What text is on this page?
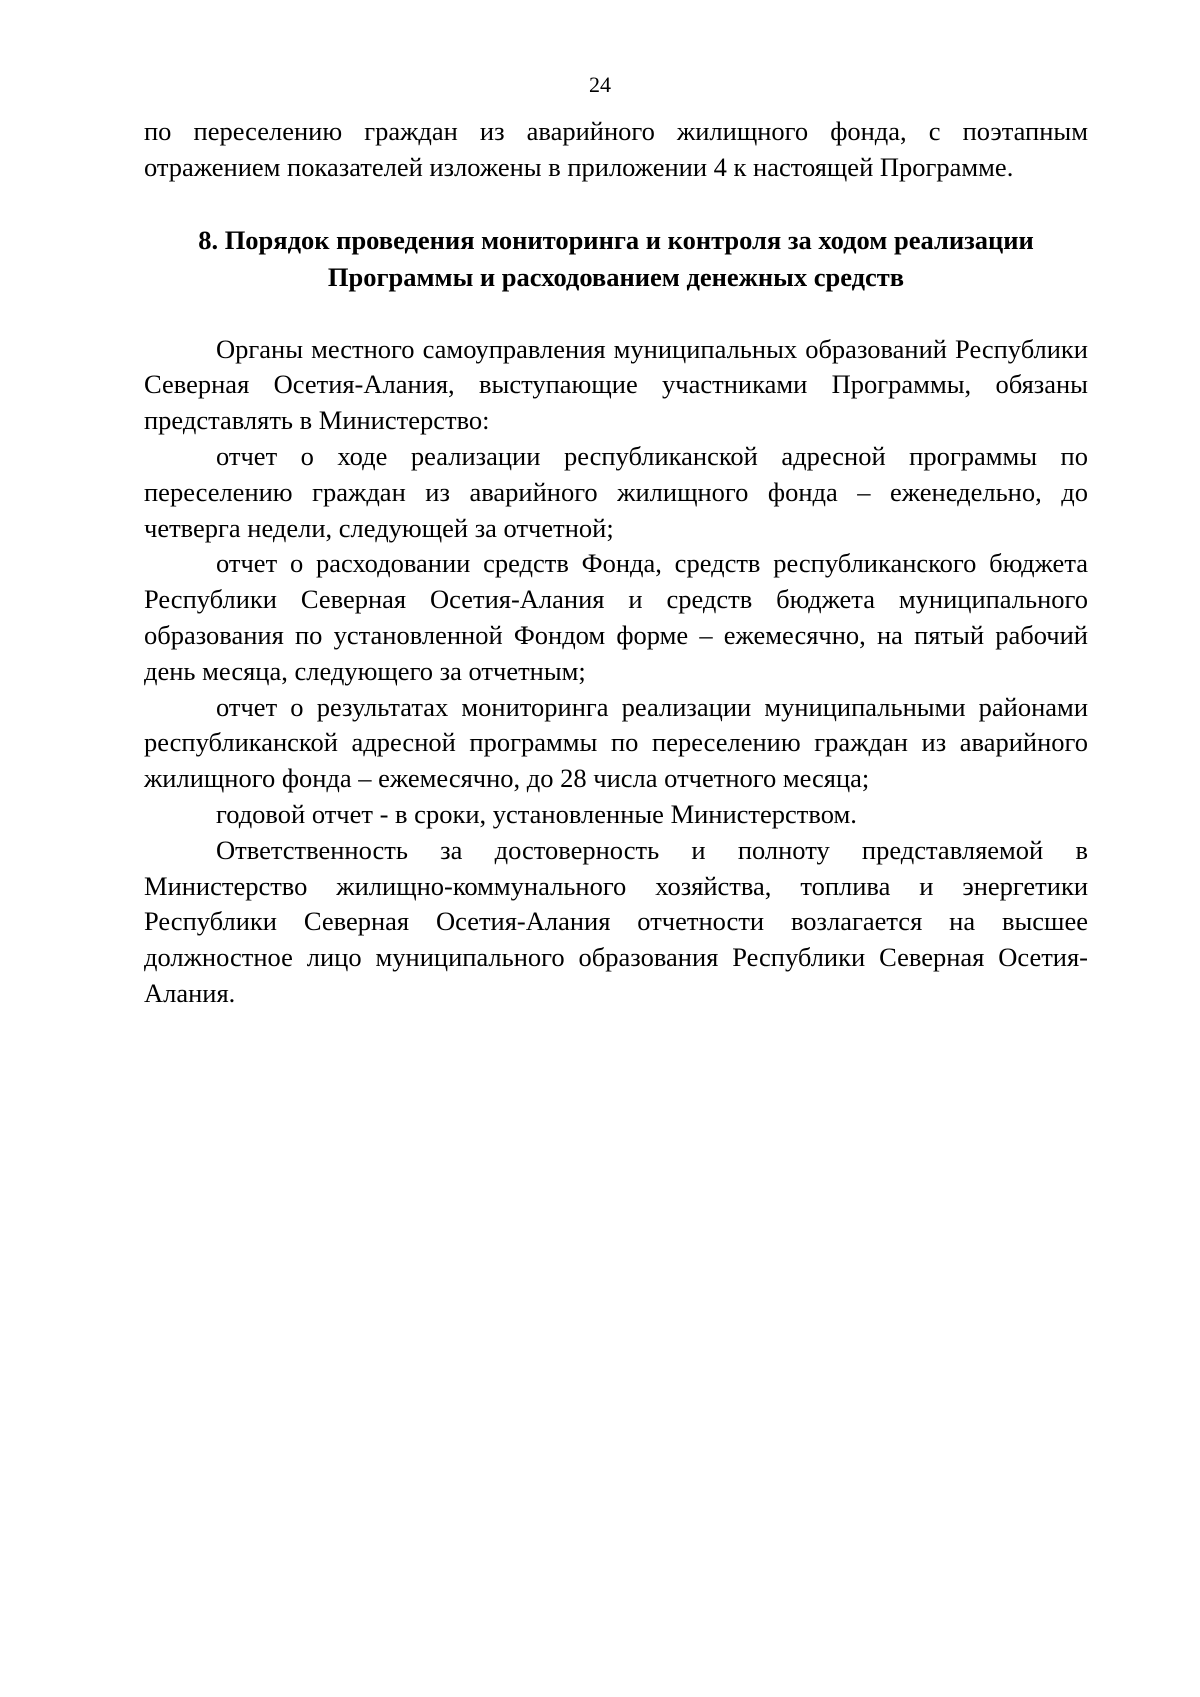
24

по переселению граждан из аварийного жилищного фонда, с поэтапным отражением показателей изложены в приложении 4 к настоящей Программе.

8. Порядок проведения мониторинга и контроля за ходом реализации
Программы и расходованием денежных средств

Органы местного самоуправления муниципальных образований Республики Северная Осетия-Алания, выступающие участниками Программы, обязаны представлять в Министерство:

отчет о ходе реализации республиканской адресной программы по переселению граждан из аварийного жилищного фонда – еженедельно, до четверга недели, следующей за отчетной;

отчет о расходовании средств Фонда, средств республиканского бюджета Республики Северная Осетия-Алания и средств бюджета муниципального образования по установленной Фондом форме – ежемесячно, на пятый рабочий день месяца, следующего за отчетным;

отчет о результатах мониторинга реализации муниципальными районами республиканской адресной программы по переселению граждан из аварийного жилищного фонда – ежемесячно, до 28 числа отчетного месяца;

годовой отчет - в сроки, установленные Министерством.

Ответственность за достоверность и полноту представляемой в Министерство жилищно-коммунального хозяйства, топлива и энергетики Республики Северная Осетия-Алания отчетности возлагается на высшее должностное лицо муниципального образования Республики Северная Осетия-Алания.
